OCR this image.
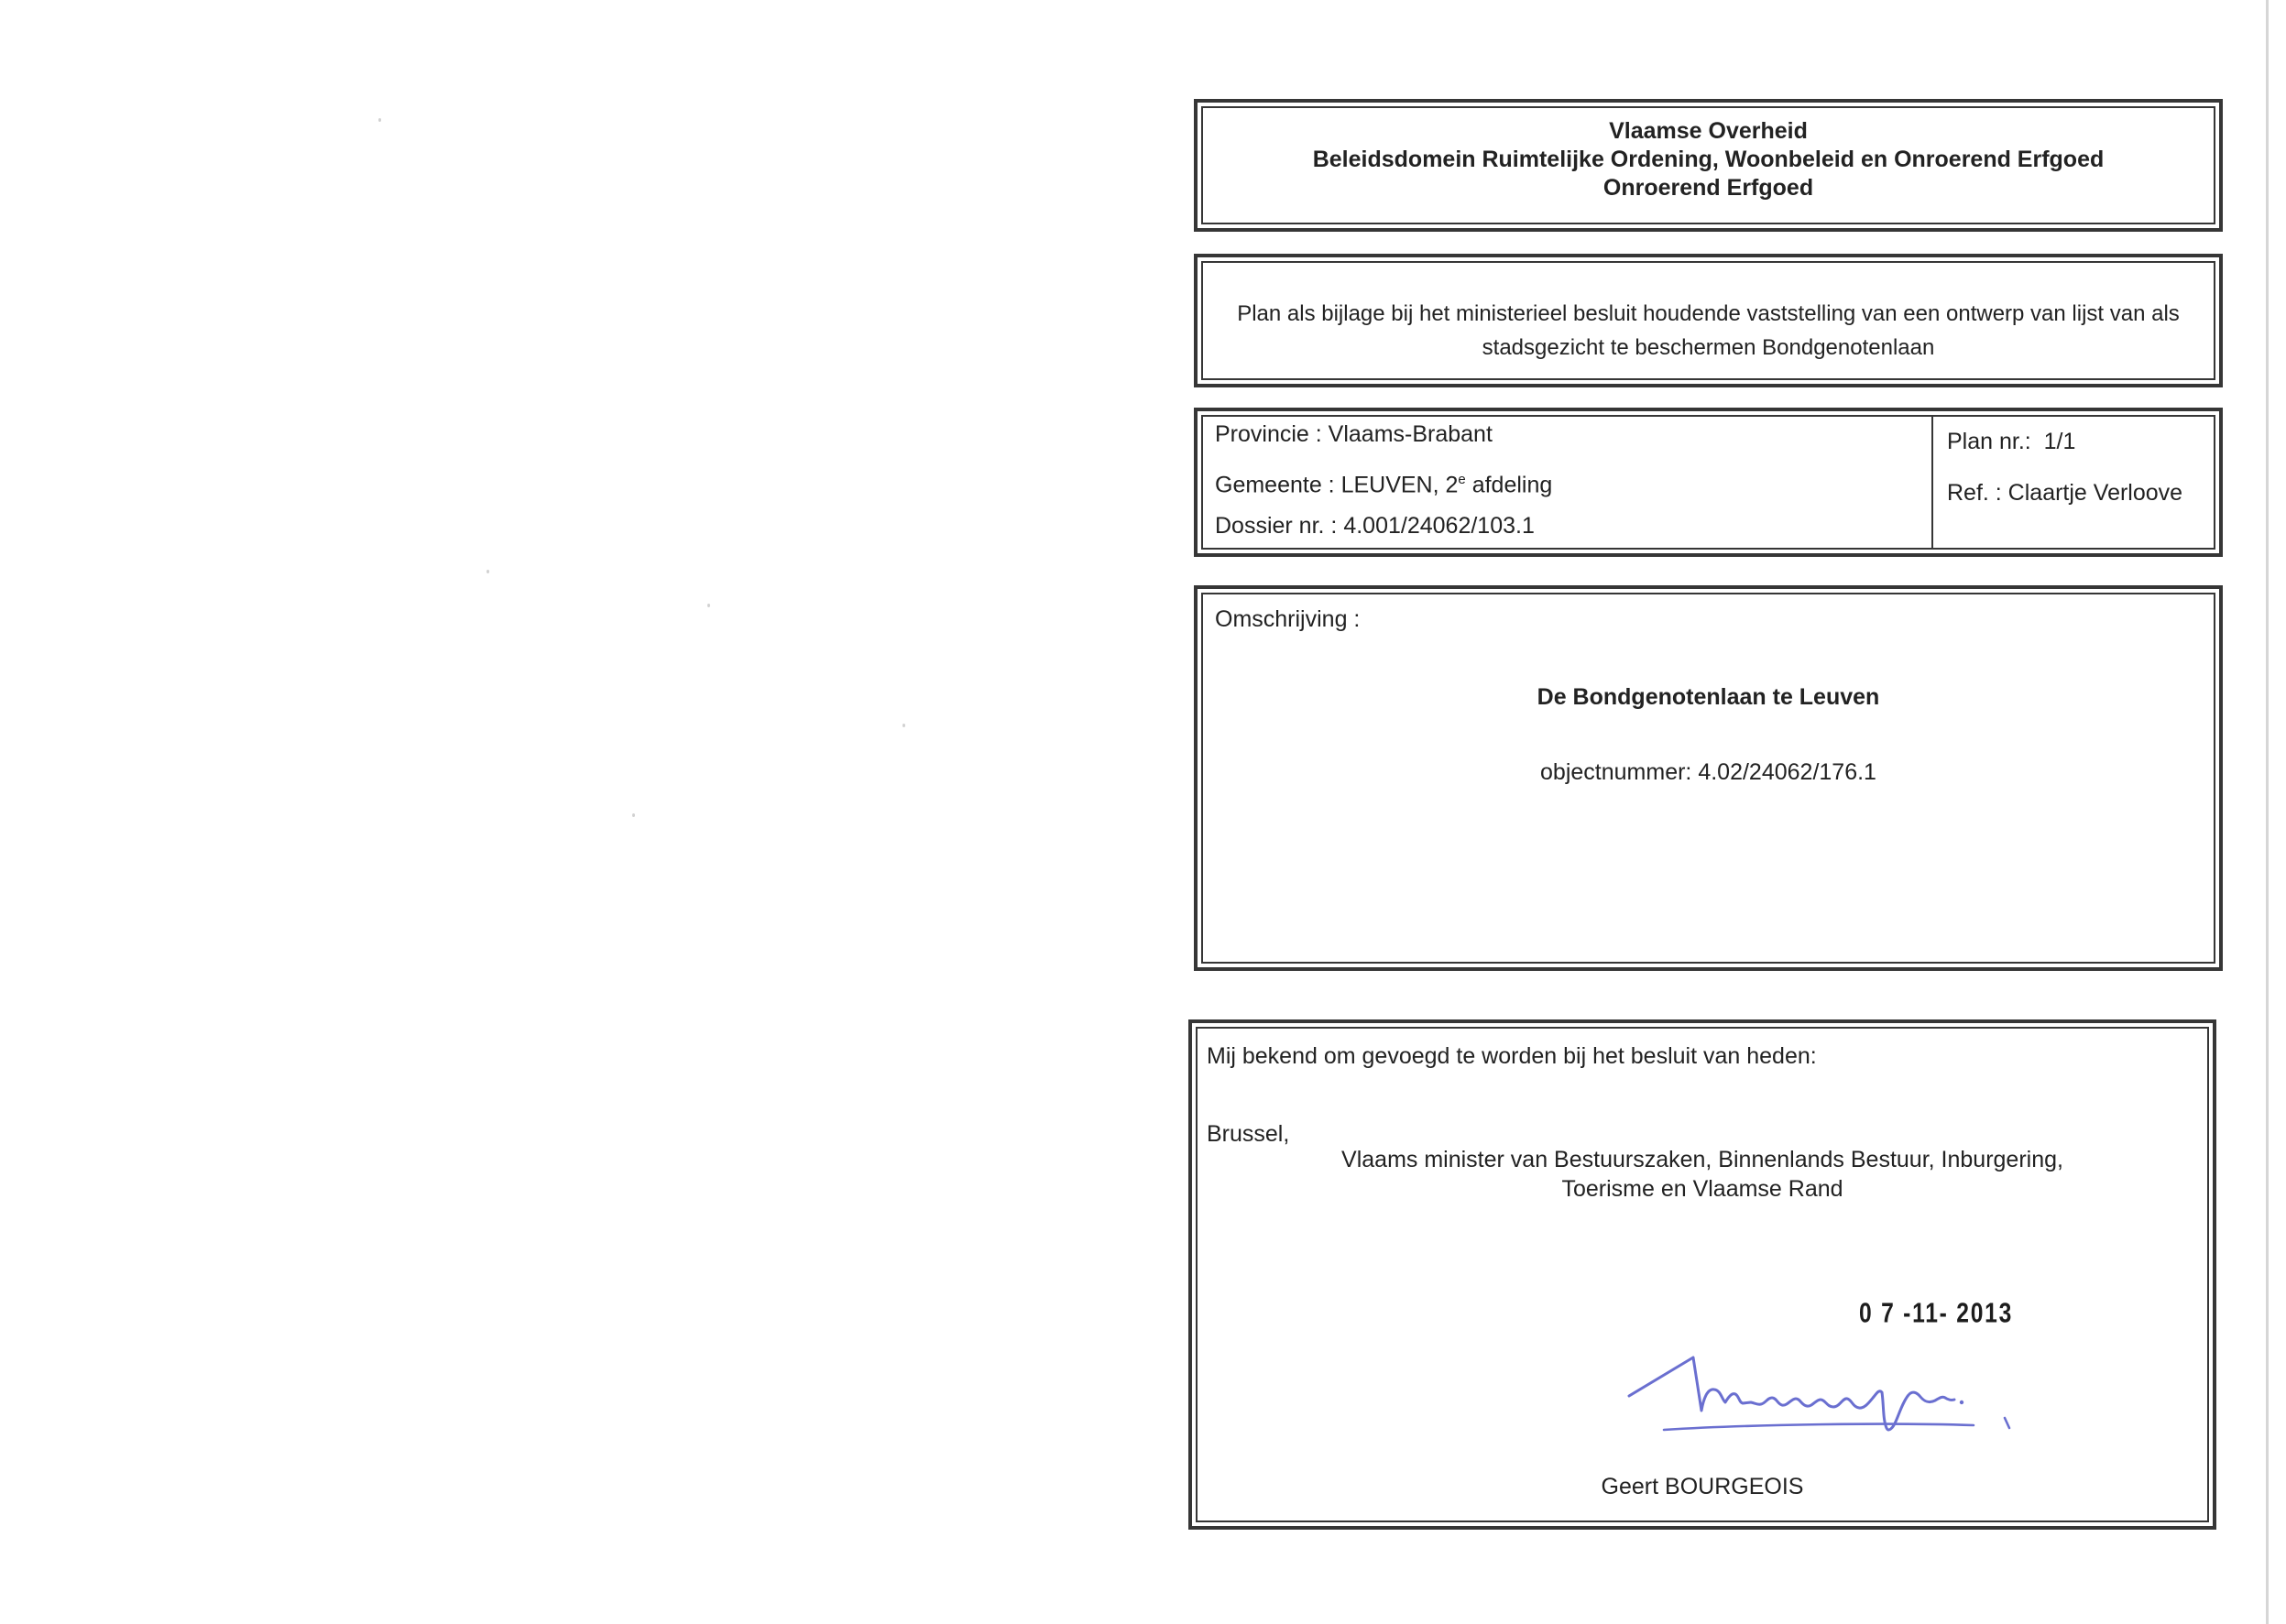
Vlaamse Overheid
Beleidsdomein Ruimtelijke Ordening, Woonbeleid en Onroerend Erfgoed
Onroerend Erfgoed
Plan als bijlage bij het ministerieel besluit houdende vaststelling van een ontwerp van lijst van als
stadsgezicht te beschermen Bondgenotenlaan
Provincie : Vlaams-Brabant
Gemeente : LEUVEN, 2e afdeling
Dossier nr. : 4.001/24062/103.1
Plan nr.:  1/1
Ref. : Claartje Verloove
Omschrijving :
De Bondgenotenlaan te Leuven
objectnummer: 4.02/24062/176.1
Mij bekend om gevoegd te worden bij het besluit van heden:
Brussel,
Vlaams minister van Bestuurszaken, Binnenlands Bestuur, Inburgering,
Toerisme en Vlaamse Rand
0 7 -11- 2013
Geert BOURGEOIS
